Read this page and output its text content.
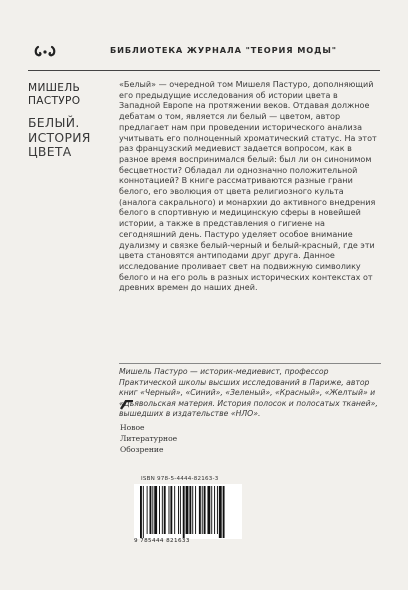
БИБЛИОТЕКА ЖУРНАЛА "ТЕОРИЯ МОДЫ"
МИШЕЛЬ ПАСТУРО
БЕЛЫЙ.
ИСТОРИЯ
ЦВЕТА

«Белый» — очередной том Мишеля Пастуро, дополняющий его предыдущие исследования об истории цвета в Западной Европе на протяжении веков. Отдавая должное дебатам о том, является ли белый — цветом, автор предлагает нам при проведении исторического анализа учитывать его полноценный хроматический статус. На этот раз французский медиевист задается вопросом, как в разное время воспринимался белый: был ли он синонимом бесцветности? Обладал ли однозначно положительной коннотацией? В книге рассматриваются разные грани белого, его эволюция от цвета религиозного культа (аналога сакрального) и монархии до активного внедрения белого в спортивную и медицинскую сферы в новейшей истории, а также в представления о гигиене на сегодняшний день. Пастуро уделяет особое внимание дуализму и связке белый-черный и белый-красный, где эти цвета становятся антиподами друг друга. Данное исследование проливает свет на подвижную символику белого и на его роль в разных исторических контекстах от древних времен до наших дней.

Мишель Пастуро — историк-медиевист, профессор Практической школы высших исследований в Париже, автор книг «Черный», «Синий», «Зеленый», «Красный», «Желтый» и «Дьявольская материя. История полосок и полосатых тканей», вышедших в издательстве «НЛО».

Новое
Литературное
Обозрение
ISBN 978-5-4444-82163-3
9 785444 821633
